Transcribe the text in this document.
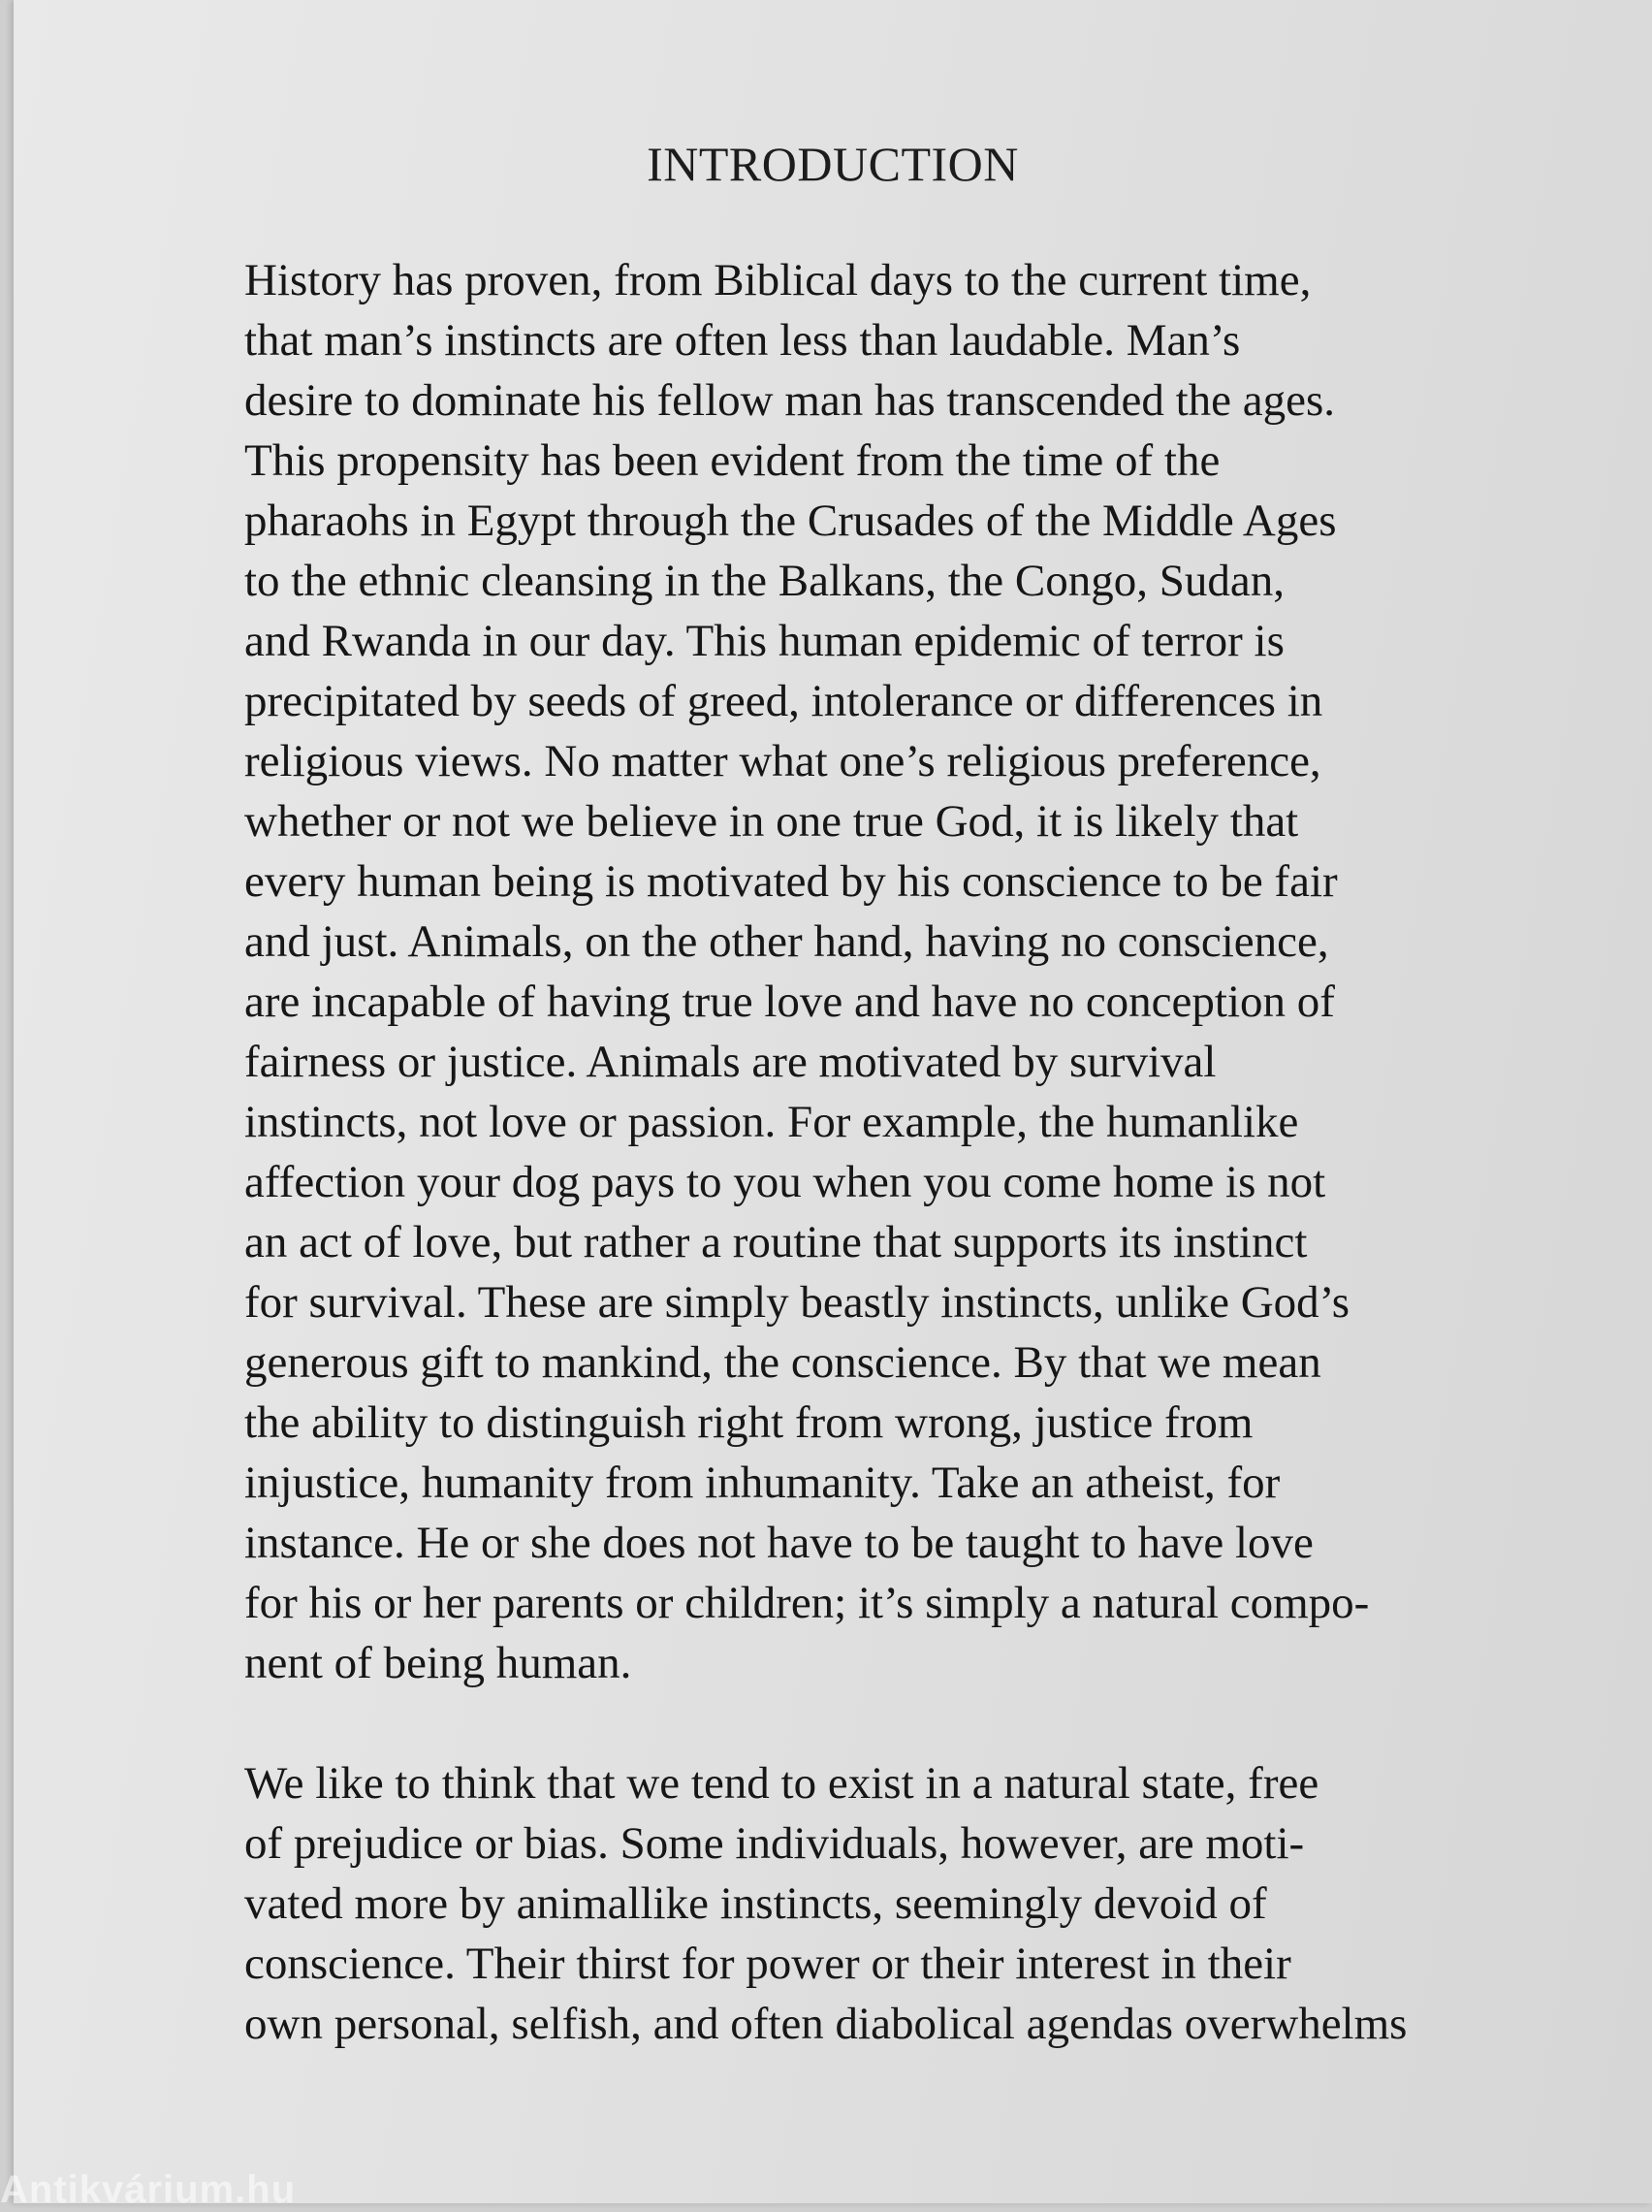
INTRODUCTION
History has proven, from Biblical days to the current time,
that man’s instincts are often less than laudable. Man’s
desire to dominate his fellow man has transcended the ages.
This propensity has been evident from the time of the
pharaohs in Egypt through the Crusades of the Middle Ages
to the ethnic cleansing in the Balkans, the Congo, Sudan,
and Rwanda in our day. This human epidemic of terror is
precipitated by seeds of greed, intolerance or differences in
religious views. No matter what one’s religious preference,
whether or not we believe in one true God, it is likely that
every human being is motivated by his conscience to be fair
and just. Animals, on the other hand, having no conscience,
are incapable of having true love and have no conception of
fairness or justice. Animals are motivated by survival
instincts, not love or passion. For example, the humanlike
affection your dog pays to you when you come home is not
an act of love, but rather a routine that supports its instinct
for survival. These are simply beastly instincts, unlike God’s
generous gift to mankind, the conscience. By that we mean
the ability to distinguish right from wrong, justice from
injustice, humanity from inhumanity. Take an atheist, for
instance. He or she does not have to be taught to have love
for his or her parents or children; it’s simply a natural compo-
nent of being human.
We like to think that we tend to exist in a natural state, free
of prejudice or bias. Some individuals, however, are moti-
vated more by animallike instincts, seemingly devoid of
conscience. Their thirst for power or their interest in their
own personal, selfish, and often diabolical agendas overwhelms
Antikvárium.hu
